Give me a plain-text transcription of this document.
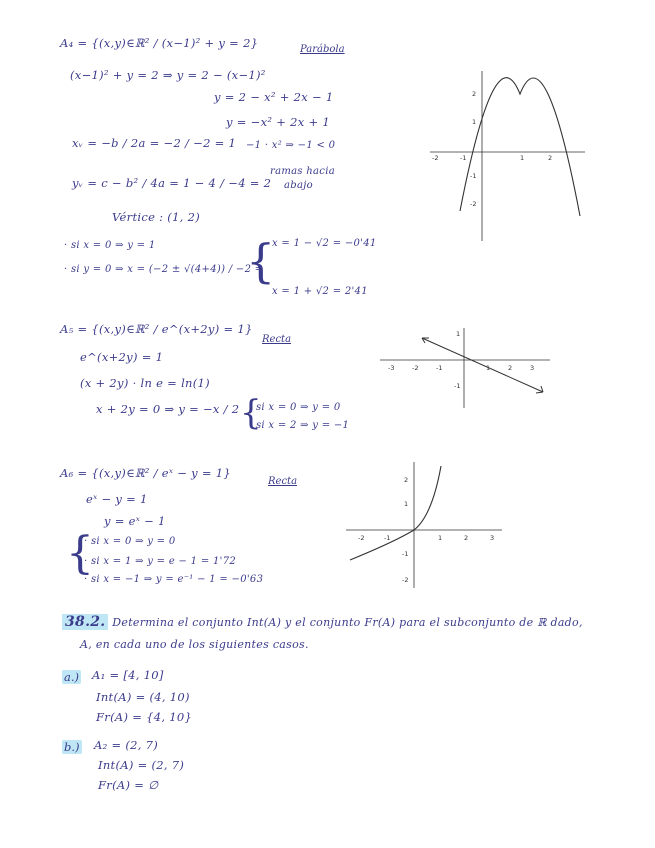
A₄ = {(x,y)∈ℝ² / (x−1)² + y = 2}	Parábola
(x−1)² + y = 2 ⇒ y = 2 − (x−1)²
y = 2 − x² + 2x − 1
y = −x² + 2x + 1
−1 · x² ⇒ −1 < 0
ramas hacia
abajo
xᵥ = −b / 2a = −2 / −2 = 1
yᵥ = c − b² / 4a = 1 − 4 / −4 = 2
Vértice : (1, 2)
· si x = 0 ⇒ y = 1
· si y = 0 ⇒ x = (−2 ± √(4+4)) / −2 =
{
x = 1 − √2 = −0'41
x = 1 + √2 = 2'41
-2	-1	1	2
2
1
-1
-2
A₅ = {(x,y)∈ℝ² / e^(x+2y) = 1}
Recta
e^(x+2y) = 1
(x + 2y) · ln e = ln(1)
x + 2y = 0 ⇒ y = −x / 2 {
si x = 0 ⇒ y = 0
si x = 2 ⇒ y = −1
-3	-2	-1	1	2	3
1
-1
A₆ = {(x,y)∈ℝ² / eˣ − y = 1}
Recta
eˣ − y = 1
y = eˣ − 1
{
· si x = 0 ⇒ y = 0
· si x = 1 ⇒ y = e − 1 = 1'72
· si x = −1 ⇒ y = e⁻¹ − 1 = −0'63
-2	-1	1	2	3
2
1
-1
-2
38.2. Determina el conjunto Int(A) y el conjunto Fr(A) para el subconjunto de ℝ dado,
A, en cada uno de los siguientes casos.
a.) A₁ = [4, 10]
Int(A) = (4, 10)
Fr(A) = {4, 10}
b.) A₂ = (2, 7)
Int(A) = (2, 7)
Fr(A) = ∅
